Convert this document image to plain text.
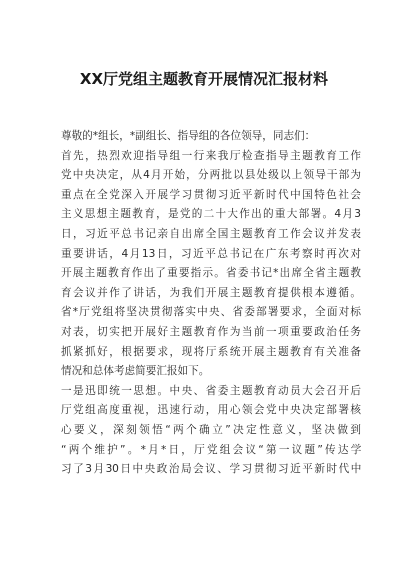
XX厅党组主题教育开展情况汇报材料
尊敬的*组长，*副组长、指导组的各位领导，同志们：
首先，热烈欢迎指导组一行来我厅检查指导主题教育工作
党中央决定，从4月开始，分两批以县处级以上领导干部为
重点在全党深入开展学习贯彻习近平新时代中国特色社会
主义思想主题教育，是党的二十大作出的重大部署。4月3
日，习近平总书记亲自出席全国主题教育工作会议并发表
重要讲话，4月13日，习近平总书记在广东考察时再次对
开展主题教育作出了重要指示。省委书记*出席全省主题教
育会议并作了讲话，为我们开展主题教育提供根本遵循。
省*厅党组将坚决贯彻落实中央、省委部署要求，全面对标
对表，切实把开展好主题教育作为当前一项重要政治任务
抓紧抓好，根据要求，现将厅系统开展主题教育有关准备
情况和总体考虑简要汇报如下。
一是迅即统一思想。中央、省委主题教育动员大会召开后
厅党组高度重视，迅速行动，用心领会党中央决定部署核
心要义，深刻领悟“两个确立”决定性意义，坚决做到
“两个维护”。*月*日，厅党组会议“第一议题”传达学
习了3月30日中央政治局会议、学习贯彻习近平新时代中
